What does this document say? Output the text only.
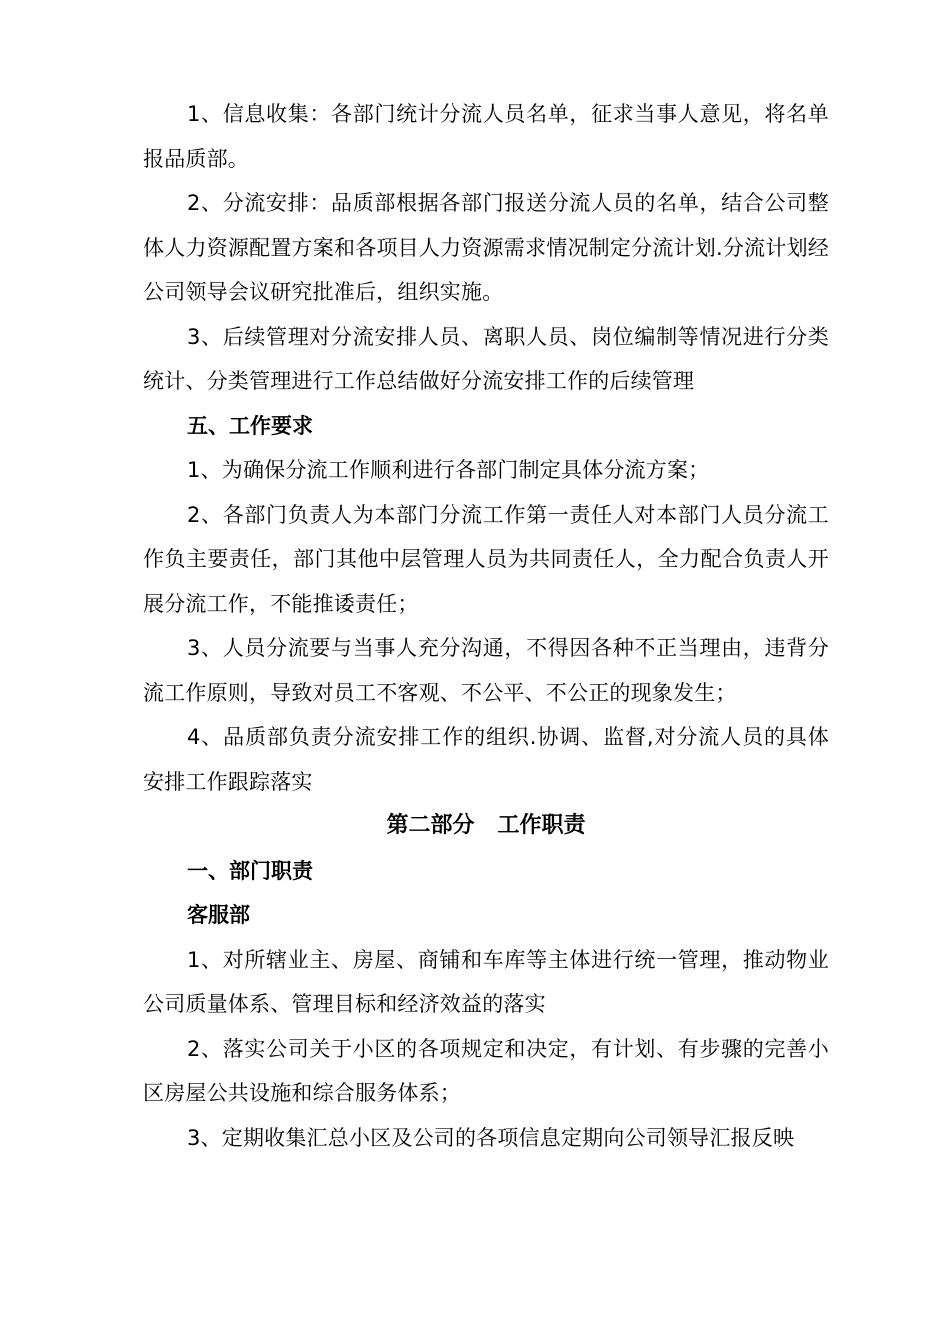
1、信息收集：各部门统计分流人员名单，征求当事人意见，将名单报品质部。

2、分流安排：品质部根据各部门报送分流人员的名单，结合公司整体人力资源配置方案和各项目人力资源需求情况制定分流计划.分流计划经公司领导会议研究批准后，组织实施。

3、后续管理对分流安排人员、离职人员、岗位编制等情况进行分类统计、分类管理进行工作总结做好分流安排工作的后续管理

五、工作要求

1、为确保分流工作顺利进行各部门制定具体分流方案；

2、各部门负责人为本部门分流工作第一责任人对本部门人员分流工作负主要责任，部门其他中层管理人员为共同责任人，全力配合负责人开展分流工作，不能推诿责任；

3、人员分流要与当事人充分沟通，不得因各种不正当理由，违背分流工作原则，导致对员工不客观、不公平、不公正的现象发生；

4、品质部负责分流安排工作的组织.协调、监督,对分流人员的具体安排工作跟踪落实

第二部分   工作职责

一、部门职责

客服部

1、对所辖业主、房屋、商铺和车库等主体进行统一管理，推动物业公司质量体系、管理目标和经济效益的落实

2、落实公司关于小区的各项规定和决定，有计划、有步骤的完善小区房屋公共设施和综合服务体系；

3、定期收集汇总小区及公司的各项信息定期向公司领导汇报反映
